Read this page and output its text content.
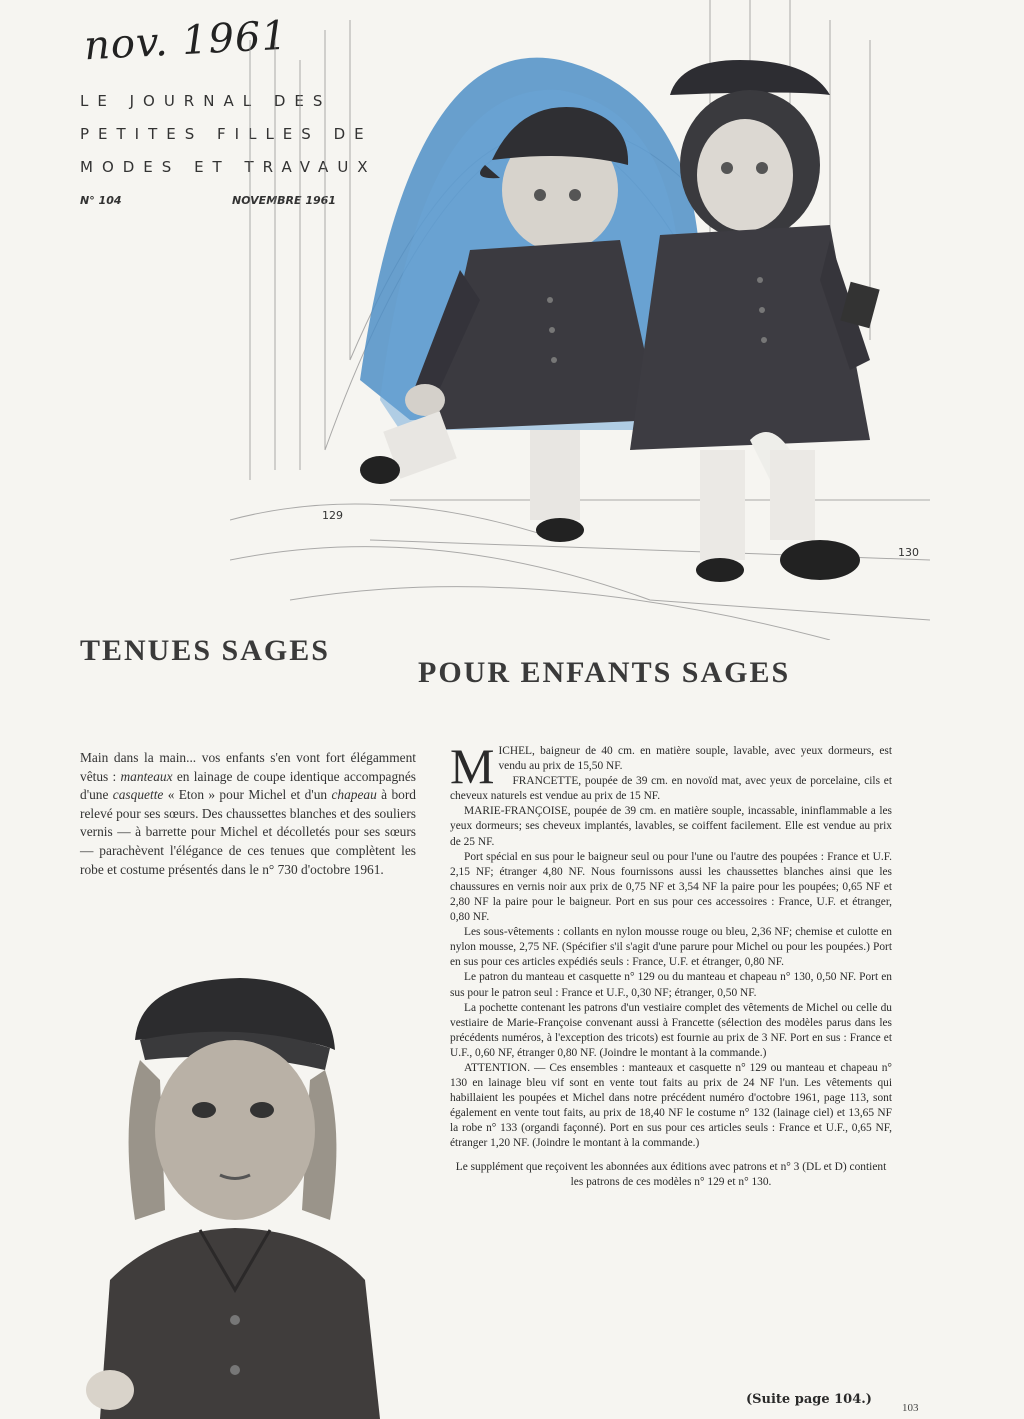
nov. 1961
LE JOURNAL DES
PETITES FILLES DE
MODES ET TRAVAUX
N° 104	NOVEMBRE 1961
129
130
TENUES SAGES
POUR ENFANTS SAGES
Main dans la main... vos enfants s'en vont fort élégamment vêtus : manteaux en lainage de coupe identique accompagnés d'une casquette « Eton » pour Michel et d'un chapeau à bord relevé pour ses sœurs. Des chaussettes blanches et des souliers vernis — à barrette pour Michel et décolletés pour ses sœurs — parachèvent l'élégance de ces tenues que complètent les robe et costume présentés dans le n° 730 d'octobre 1961.

MICHEL, baigneur de 40 cm. en matière souple, lavable, avec yeux dormeurs, est vendu au prix de 15,50 NF.

FRANCETTE, poupée de 39 cm. en novoïd mat, avec yeux de porcelaine, cils et cheveux naturels est vendue au prix de 15 NF.

MARIE-FRANÇOISE, poupée de 39 cm. en matière souple, incassable, ininflammable a les yeux dormeurs; ses cheveux implantés, lavables, se coiffent facilement. Elle est vendue au prix de 25 NF.

Port spécial en sus pour le baigneur seul ou pour l'une ou l'autre des poupées : France et U.F. 2,15 NF; étranger 4,80 NF. Nous fournissons aussi les chaussettes blanches ainsi que les chaussures en vernis noir aux prix de 0,75 NF et 3,54 NF la paire pour les poupées; 0,65 NF et 2,80 NF la paire pour le baigneur. Port en sus pour ces accessoires : France, U.F. et étranger, 0,80 NF.

Les sous-vêtements : collants en nylon mousse rouge ou bleu, 2,36 NF; chemise et culotte en nylon mousse, 2,75 NF. (Spécifier s'il s'agit d'une parure pour Michel ou pour les poupées.) Port en sus pour ces articles expédiés seuls : France, U.F. et étranger, 0,80 NF.

Le patron du manteau et casquette n° 129 ou du manteau et chapeau n° 130, 0,50 NF. Port en sus pour le patron seul : France et U.F., 0,30 NF; étranger, 0,50 NF.

La pochette contenant les patrons d'un vestiaire complet des vêtements de Michel ou celle du vestiaire de Marie-Françoise convenant aussi à Francette (sélection des modèles parus dans les précédents numéros, à l'exception des tricots) est fournie au prix de 3 NF. Port en sus : France et U.F., 0,60 NF, étranger 0,80 NF. (Joindre le montant à la commande.)

ATTENTION. — Ces ensembles : manteaux et casquette n° 129 ou manteau et chapeau n° 130 en lainage bleu vif sont en vente tout faits au prix de 24 NF l'un. Les vêtements qui habillaient les poupées et Michel dans notre précédent numéro d'octobre 1961, page 113, sont également en vente tout faits, au prix de 18,40 NF le costume n° 132 (lainage ciel) et 13,65 NF la robe n° 133 (organdi façonné). Port en sus pour ces articles seuls : France et U.F., 0,65 NF, étranger 1,20 NF. (Joindre le montant à la commande.)

Le supplément que reçoivent les abonnées aux éditions avec patrons et n° 3 (DL et D) contient les patrons de ces modèles n° 129 et n° 130.

(Suite page 104.)
103
